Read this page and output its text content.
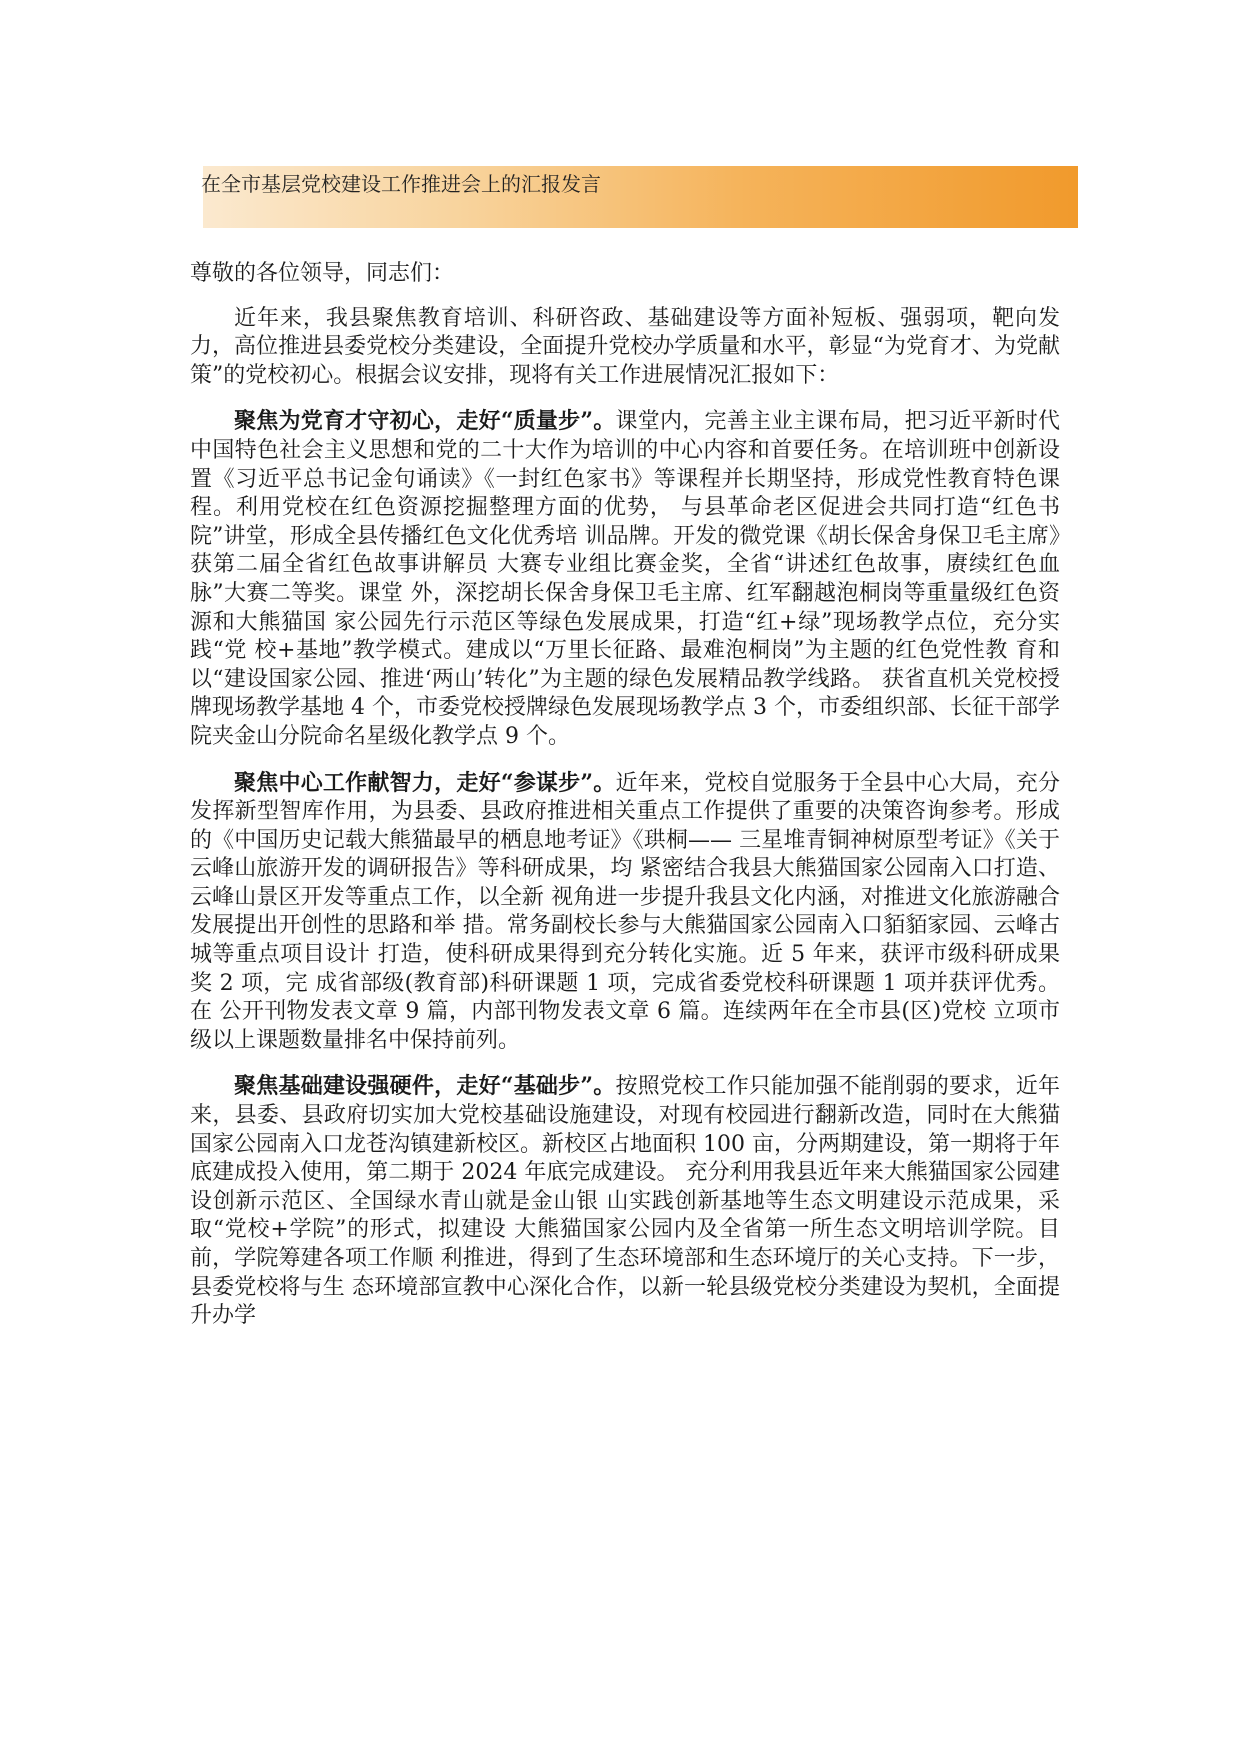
在全市基层党校建设工作推进会上的汇报发言

尊敬的各位领导，同志们：

近年来，我县聚焦教育培训、科研咨政、基础建设等方面补短板、强弱项，靶向发力，高位推进县委党校分类建设，全面提升党校办学质量和水平，彰显“为党育才、为党献策”的党校初心。根据会议安排，现将有关工作进展情况汇报如下：

聚焦为党育才守初心，走好“质量步”。课堂内，完善主业主课布局，把习近平新时代中国特色社会主义思想和党的二十大作为培训的中心内容和首要任务。在培训班中创新设置《习近平总书记金句诵读》《一封红色家书》等课程并长期坚持，形成党性教育特色课程。利用党校在红色资源挖掘整理方面的优势， 与县革命老区促进会共同打造“红色书院”讲堂，形成全县传播红色文化优秀培 训品牌。开发的微党课《胡长保舍身保卫毛主席》获第二届全省红色故事讲解员 大赛专业组比赛金奖，全省“讲述红色故事，赓续红色血脉”大赛二等奖。课堂 外，深挖胡长保舍身保卫毛主席、红军翻越泡桐岗等重量级红色资源和大熊猫国 家公园先行示范区等绿色发展成果，打造“红+绿”现场教学点位，充分实践“党 校+基地”教学模式。建成以“万里长征路、最难泡桐岗”为主题的红色党性教 育和以“建设国家公园、推进‘两山’转化”为主题的绿色发展精品教学线路。 获省直机关党校授牌现场教学基地 4 个，市委党校授牌绿色发展现场教学点 3 个，市委组织部、长征干部学院夹金山分院命名星级化教学点 9 个。

聚焦中心工作献智力，走好“参谋步”。近年来，党校自觉服务于全县中心大局，充分发挥新型智库作用，为县委、县政府推进相关重点工作提供了重要的决策咨询参考。形成的《中国历史记载大熊猫最早的栖息地考证》《珙桐—— 三星堆青铜神树原型考证》《关于云峰山旅游开发的调研报告》等科研成果，均 紧密结合我县大熊猫国家公园南入口打造、云峰山景区开发等重点工作，以全新 视角进一步提升我县文化内涵，对推进文化旅游融合发展提出开创性的思路和举 措。常务副校长参与大熊猫国家公园南入口貊貊家园、云峰古城等重点项目设计 打造，使科研成果得到充分转化实施。近 5 年来，获评市级科研成果奖 2 项，完 成省部级(教育部)科研课题 1 项，完成省委党校科研课题 1 项并获评优秀。在 公开刊物发表文章 9 篇，内部刊物发表文章 6 篇。连续两年在全市县(区)党校 立项市级以上课题数量排名中保持前列。

聚焦基础建设强硬件，走好“基础步”。按照党校工作只能加强不能削弱的要求，近年来，县委、县政府切实加大党校基础设施建设，对现有校园进行翻新改造，同时在大熊猫国家公园南入口龙苍沟镇建新校区。新校区占地面积 100 亩，分两期建设，第一期将于年底建成投入使用，第二期于 2024 年底完成建设。 充分利用我县近年来大熊猫国家公园建设创新示范区、全国绿水青山就是金山银 山实践创新基地等生态文明建设示范成果，采取“党校+学院”的形式，拟建设 大熊猫国家公园内及全省第一所生态文明培训学院。目前，学院筹建各项工作顺 利推进，得到了生态环境部和生态环境厅的关心支持。下一步，县委党校将与生 态环境部宣教中心深化合作，以新一轮县级党校分类建设为契机，全面提升办学
